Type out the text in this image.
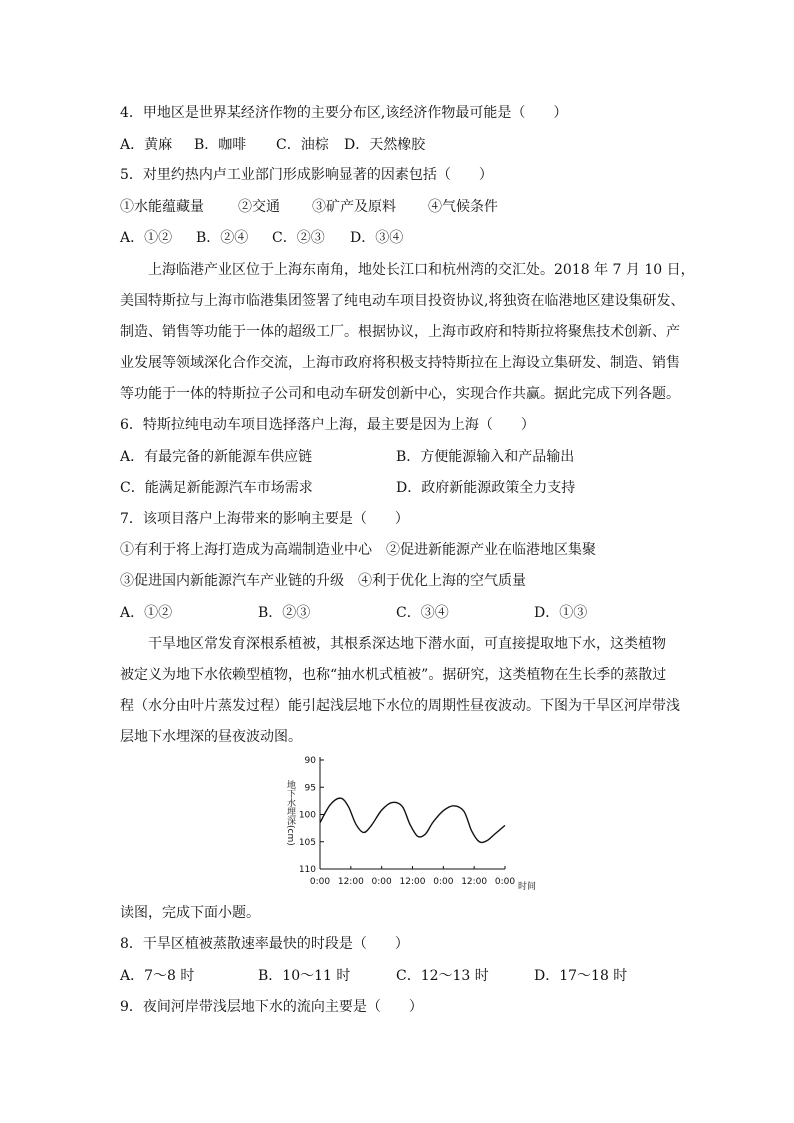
4．甲地区是世界某经济作物的主要分布区,该经济作物最可能是（　　）
A．黄麻 B．咖啡 C．油棕 D．天然橡胶
5．对里约热内卢工业部门形成影响显著的因素包括（　　）
①水能蕴藏量 ②交通 ③矿产及原料 ④气候条件
A．①② B．②④ C．②③ D．③④
上海临港产业区位于上海东南角，地处长江口和杭州湾的交汇处。2018 年 7 月 10 日，
美国特斯拉与上海市临港集团签署了纯电动车项目投资协议,将独资在临港地区建设集研发、
制造、销售等功能于一体的超级工厂。根据协议，上海市政府和特斯拉将聚焦技术创新、产
业发展等领域深化合作交流，上海市政府将积极支持特斯拉在上海设立集研发、制造、销售
等功能于一体的特斯拉子公司和电动车研发创新中心，实现合作共赢。据此完成下列各题。
6．特斯拉纯电动车项目选择落户上海，最主要是因为上海（　　）
A．有最完备的新能源车供应链	B．方便能源输入和产品输出
C．能满足新能源汽车市场需求	D．政府新能源政策全力支持
7．该项目落户上海带来的影响主要是（　　）
①有利于将上海打造成为高端制造业中心 ②促进新能源产业在临港地区集聚
③促进国内新能源汽车产业链的升级 ④利于优化上海的空气质量
A．①②	B．②③	C．③④	D．①③
干旱地区常发育深根系植被，其根系深达地下潜水面，可直接提取地下水，这类植物
被定义为地下水依赖型植物，也称“抽水机式植被”。据研究，这类植物在生长季的蒸散过
程（水分由叶片蒸发过程）能引起浅层地下水位的周期性昼夜波动。下图为干旱区河岸带浅
层地下水埋深的昼夜波动图。
地下水埋深(cm)
时间
90
95
100
105
110
0:00 12:00 0:00 12:00 0:00 12:00 0:00
读图，完成下面小题。
8．干旱区植被蒸散速率最快的时段是（　　）
A．7～8 时	B．10～11 时	C．12～13 时	D．17～18 时
9．夜间河岸带浅层地下水的流向主要是（　　）
